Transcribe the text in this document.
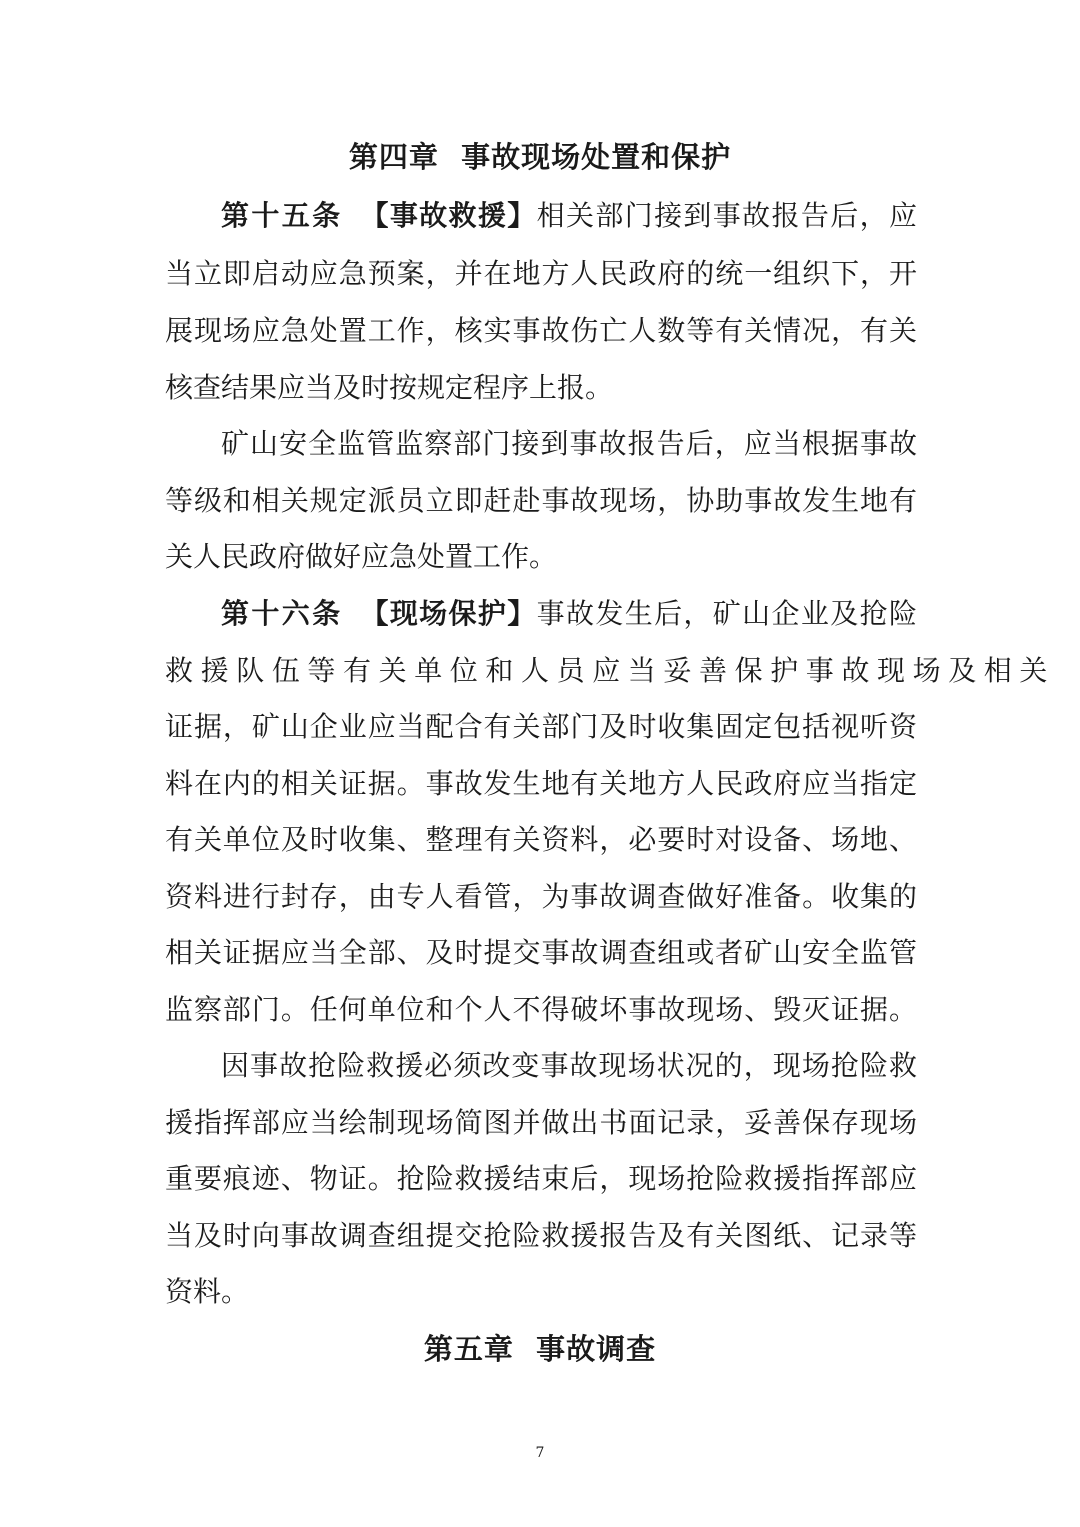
第四章  事故现场处置和保护
第十五条 【事故救援】相关部门接到事故报告后，应
当立即启动应急预案，并在地方人民政府的统一组织下，开
展现场应急处置工作，核实事故伤亡人数等有关情况，有关
核查结果应当及时按规定程序上报。
矿山安全监管监察部门接到事故报告后，应当根据事故
等级和相关规定派员立即赶赴事故现场，协助事故发生地有
关人民政府做好应急处置工作。
第十六条 【现场保护】事故发生后，矿山企业及抢险
救援队伍等有关单位和人员应当妥善保护事故现场及相关
证据，矿山企业应当配合有关部门及时收集固定包括视听资
料在内的相关证据。事故发生地有关地方人民政府应当指定
有关单位及时收集、整理有关资料，必要时对设备、场地、
资料进行封存，由专人看管，为事故调查做好准备。收集的
相关证据应当全部、及时提交事故调查组或者矿山安全监管
监察部门。任何单位和个人不得破坏事故现场、毁灭证据。
因事故抢险救援必须改变事故现场状况的，现场抢险救
援指挥部应当绘制现场简图并做出书面记录，妥善保存现场
重要痕迹、物证。抢险救援结束后，现场抢险救援指挥部应
当及时向事故调查组提交抢险救援报告及有关图纸、记录等
资料。
第五章  事故调查
7
